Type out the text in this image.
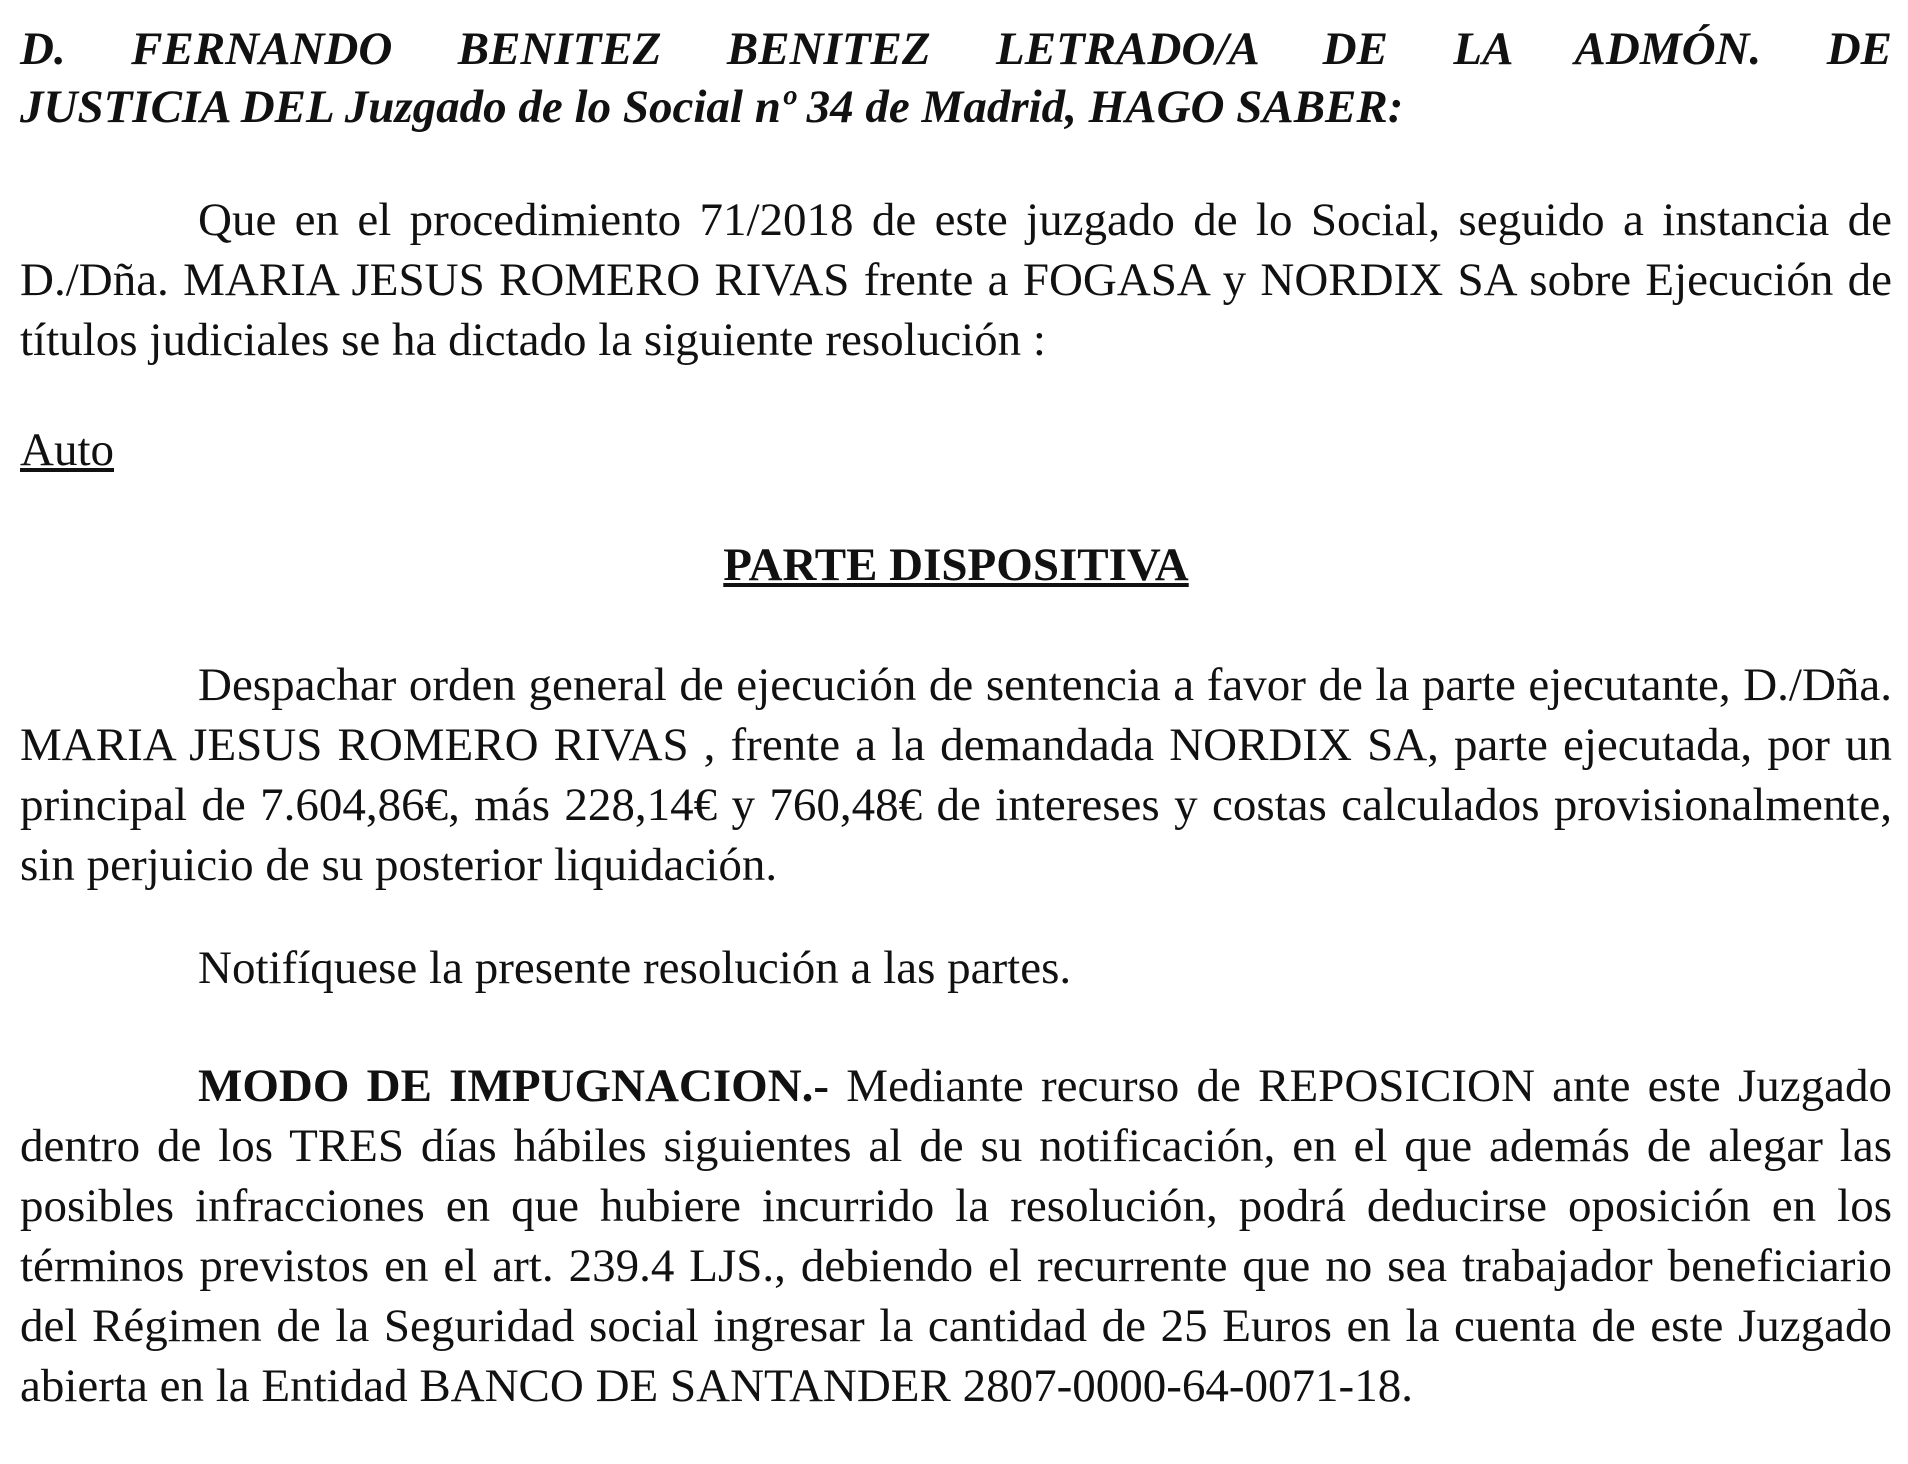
D. FERNANDO BENITEZ BENITEZ LETRADO/A DE LA ADMÓN. DE
JUSTICIA DEL Juzgado de lo Social nº 34 de Madrid, HAGO SABER:

Que en el procedimiento 71/2018 de este juzgado de lo Social, seguido a instancia de D./Dña. MARIA JESUS ROMERO RIVAS frente a FOGASA y NORDIX SA sobre Ejecución de títulos judiciales se ha dictado la siguiente resolución :

Auto

PARTE DISPOSITIVA

Despachar orden general de ejecución de sentencia a favor de la parte ejecutante, D./Dña. MARIA JESUS ROMERO RIVAS , frente a la demandada NORDIX SA, parte ejecutada, por un principal de 7.604,86€, más 228,14€ y 760,48€ de intereses y costas calculados provisionalmente, sin perjuicio de su posterior liquidación.

Notifíquese la presente resolución a las partes.

MODO DE IMPUGNACION.- Mediante recurso de REPOSICION ante este Juzgado dentro de los TRES días hábiles siguientes al de su notificación, en el que además de alegar las posibles infracciones en que hubiere incurrido la resolución, podrá deducirse oposición en los términos previstos en el art. 239.4 LJS., debiendo el recurrente que no sea trabajador beneficiario del Régimen de la Seguridad social ingresar la cantidad de 25 Euros en la cuenta de este Juzgado abierta en la Entidad BANCO DE SANTANDER 2807-0000-64-0071-18.
